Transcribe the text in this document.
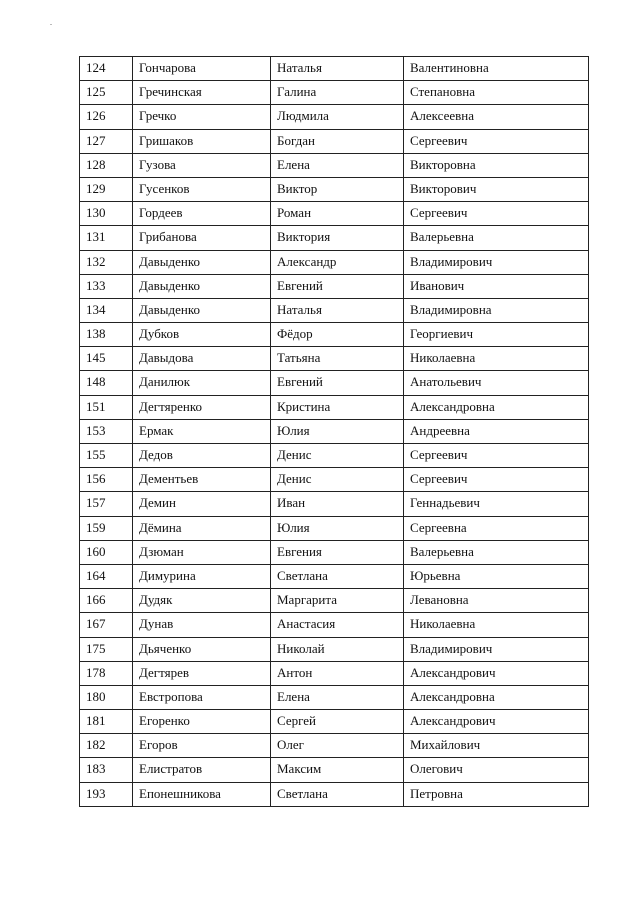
124	Гончарова	Наталья	Валентиновна
125	Гречинская	Галина	Степановна
126	Гречко	Людмила	Алексеевна
127	Гришаков	Богдан	Сергеевич
128	Гузова	Елена	Викторовна
129	Гусенков	Виктор	Викторович
130	Гордеев	Роман	Сергеевич
131	Грибанова	Виктория	Валерьевна
132	Давыденко	Александр	Владимирович
133	Давыденко	Евгений	Иванович
134	Давыденко	Наталья	Владимировна
138	Дубков	Фёдор	Георгиевич
145	Давыдова	Татьяна	Николаевна
148	Данилюк	Евгений	Анатольевич
151	Дегтяренко	Кристина	Александровна
153	Ермак	Юлия	Андреевна
155	Дедов	Денис	Сергеевич
156	Дементьев	Денис	Сергеевич
157	Демин	Иван	Геннадьевич
159	Дёмина	Юлия	Сергеевна
160	Дзюман	Евгения	Валерьевна
164	Димурина	Светлана	Юрьевна
166	Дудяк	Маргарита	Левановна
167	Дунав	Анастасия	Николаевна
175	Дьяченко	Николай	Владимирович
178	Дегтярев	Антон	Александрович
180	Евстропова	Елена	Александровна
181	Егоренко	Сергей	Александрович
182	Егоров	Олег	Михайлович
183	Елистратов	Максим	Олегович
193	Епонешникова	Светлана	Петровна
